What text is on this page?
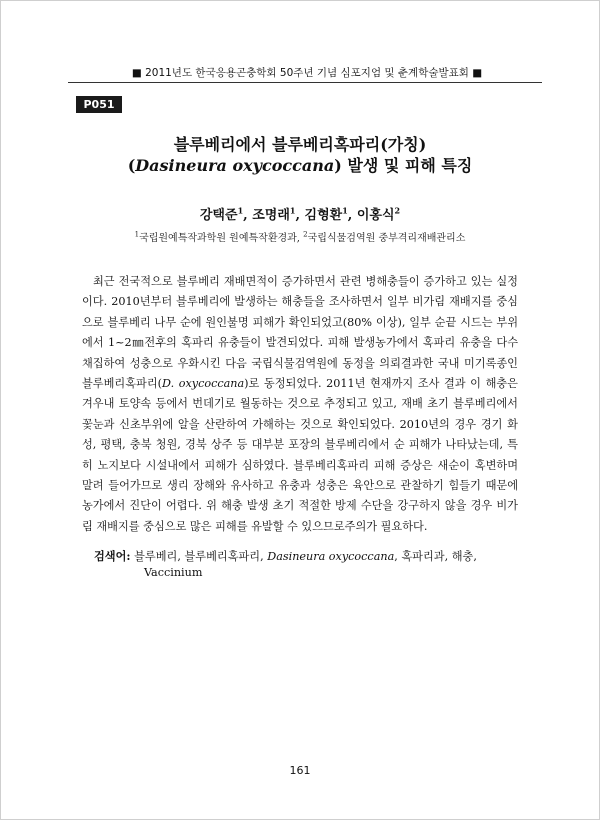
■ 2011년도 한국응용곤충학회 50주년 기념 심포지엄 및 춘계학술발표회 ■
P051
블루베리에서 블루베리혹파리(가칭)
(Dasineura oxycoccana) 발생 및 피해 특징
강택준$^1$, 조명래$^1$, 김형환$^1$, 이홍식$^2$
$^1$국립원예특작과학원 원예특작환경과, $^2$국립식물검역원 중부격리재배관리소
최근 전국적으로 블루베리 재배면적이 증가하면서 관련 병해충들이 증가하고 있는 실정이다. 2010년부터 블루베리에 발생하는 해충들을 조사하면서 일부 비가림 재배지를 중심으로 블루베리 나무 순에 원인불명 피해가 확인되었고(80% 이상), 일부 순끝 시드는 부위에서 1~2㎜전후의 혹파리 유충들이 발견되었다. 피해 발생농가에서 혹파리 유충을 다수 채집하여 성충으로 우화시킨 다음 국립식물검역원에 동정을 의뢰결과한 국내 미기록종인 블루베리혹파리(D. oxycoccana)로 동정되었다. 2011년 현재까지 조사 결과 이 해충은 겨우내 토양속 등에서 번데기로 월동하는 것으로 추정되고 있고, 재배 초기 블루베리에서 꽃눈과 신초부위에 알을 산란하여 가해하는 것으로 확인되었다. 2010년의 경우 경기 화성, 평택, 충북 청원, 경북 상주 등 대부분 포장의 블루베리에서 순 피해가 나타났는데, 특히 노지보다 시설내에서 피해가 심하였다. 블루베리혹파리 피해 증상은 새순이 혹변하며 말려 들어가므로 생리 장해와 유사하고 유충과 성충은 육안으로 관찰하기 힘들기 때문에 농가에서 진단이 어렵다. 위 해충 발생 초기 적절한 방제 수단을 강구하지 않을 경우 비가림 재배지를 중심으로 많은 피해를 유발할 수 있으므로주의가 필요하다.
검색어: 블루베리, 블루베리혹파리, Dasineura oxycoccana, 혹파리과, 해충,
Vaccinium
161
